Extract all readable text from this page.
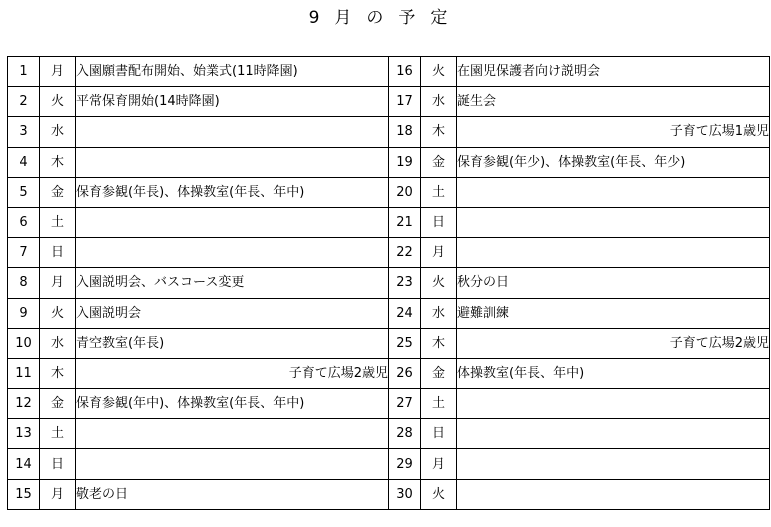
9月の予定
1	月	入園願書配布開始、始業式(11時降園)	16	火	在園児保護者向け説明会
2	火	平常保育開始(14時降園)	17	水	誕生会
3	水		18	木	子育て広場1歳児
4	木		19	金	保育参観(年少)、体操教室(年長、年少)
5	金	保育参観(年長)、体操教室(年長、年中)	20	土	
6	土		21	日	
7	日		22	月	
8	月	入園説明会、バスコース変更	23	火	秋分の日
9	火	入園説明会	24	水	避難訓練
10	水	青空教室(年長)	25	木	子育て広場2歳児
11	木	子育て広場2歳児	26	金	体操教室(年長、年中)
12	金	保育参観(年中)、体操教室(年長、年中)	27	土	
13	土		28	日	
14	日		29	月	
15	月	敬老の日	30	火	
